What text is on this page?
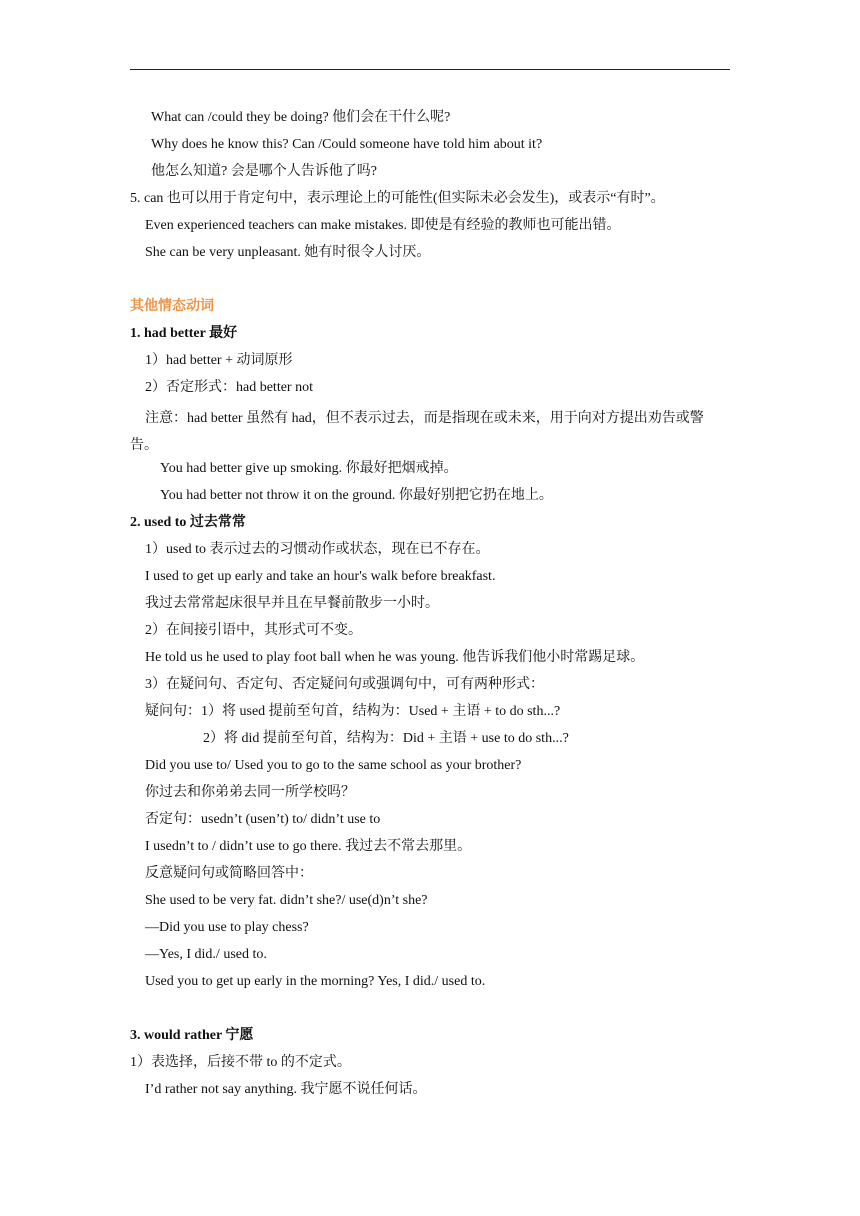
What can /could they be doing? 他们会在干什么呢?
Why does he know this? Can /Could someone have told him about it?
他怎么知道? 会是哪个人告诉他了吗?
5. can 也可以用于肯定句中，表示理论上的可能性(但实际未必会发生)，或表示“有时”。
Even experienced teachers can make mistakes. 即使是有经验的教师也可能出错。
She can be very unpleasant. 她有时很令人讨厌。
其他情态动词
1. had better 最好
1）had better + 动词原形
2）否定形式：had better not
注意：had better 虽然有 had，但不表示过去，而是指现在或未来，用于向对方提出劝告或警告。
You had better give up smoking. 你最好把烟戒掉。
You had better not throw it on the ground. 你最好别把它扔在地上。
2. used to 过去常常
1）used to 表示过去的习惯动作或状态，现在已不存在。
I used to get up early and take an hour's walk before breakfast.
我过去常常起床很早并且在早餐前散步一小时。
2）在间接引语中，其形式可不变。
He told us he used to play foot ball when he was young. 他告诉我们他小时常踢足球。
3）在疑问句、否定句、否定疑问句或强调句中，可有两种形式：
疑问句：1）将 used 提前至句首，结构为：Used + 主语 + to do sth...?
2）将 did 提前至句首，结构为：Did + 主语 + use to do sth...?
Did you use to/ Used you to go to the same school as your brother?
你过去和你弟弟去同一所学校吗？
否定句：usedn’t (usen’t) to/ didn’t use to
I usedn’t to / didn’t use to go there. 我过去不常去那里。
反意疑问句或简略回答中：
She used to be very fat. didn’t she?/ use(d)n’t she?
—Did you use to play chess?
—Yes, I did./ used to.
Used you to get up early in the morning? Yes, I did./ used to.
3. would rather 宁愿
1）表选择，后接不带 to 的不定式。
I’d rather not say anything. 我宁愿不说任何话。
